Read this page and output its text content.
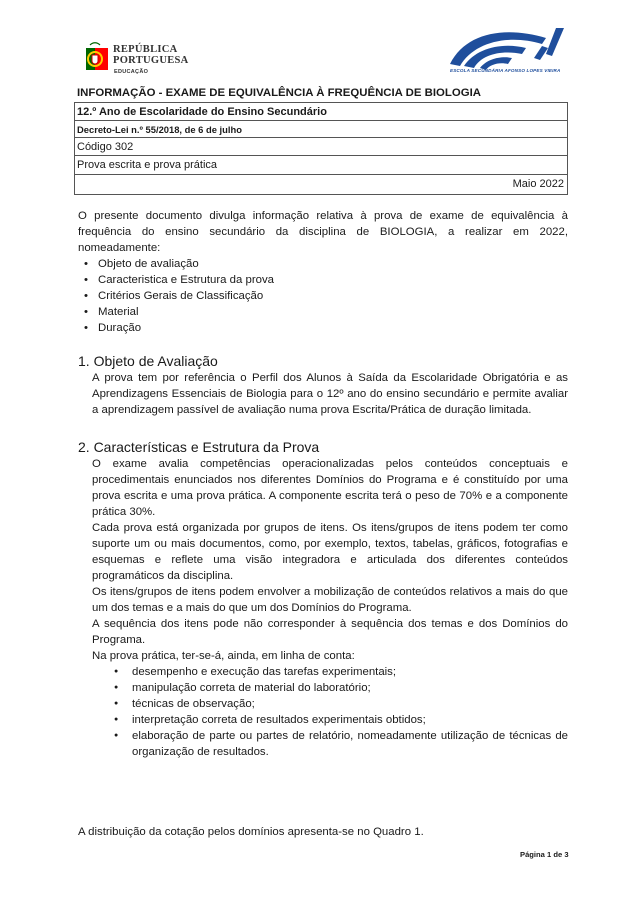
REPÚBLICA
PORTUGUESA
EDUCAÇÃO	ESCOLA SECUNDÁRIA AFONSO LOPES VIEIRA
INFORMAÇÃO - EXAME DE EQUIVALÊNCIA À FREQUÊNCIA DE BIOLOGIA
12.º Ano de Escolaridade do Ensino Secundário
Decreto-Lei n.º 55/2018, de 6 de julho
Código 302
Prova escrita e prova prática
Maio 2022

O presente documento divulga informação relativa à prova de exame de equivalência à frequência do ensino secundário da disciplina de BIOLOGIA, a realizar em 2022, nomeadamente:

• Objeto de avaliação
• Caracteristica e Estrutura da prova
• Critérios Gerais de Classificação
• Material
• Duração
1. Objeto de Avaliação

A prova tem por referência o Perfil dos Alunos à Saída da Escolaridade Obrigatória e as Aprendizagens Essenciais de Biologia para o 12º ano do ensino secundário e permite avaliar a aprendizagem passível de avaliação numa prova Escrita/Prática de duração limitada.

2. Características e Estrutura da Prova

O exame avalia competências operacionalizadas pelos conteúdos conceptuais e procedimentais enunciados nos diferentes Domínios do Programa e é constituído por uma prova escrita e uma prova prática. A componente escrita terá o peso de 70% e a componente prática 30%.

Cada prova está organizada por grupos de itens. Os itens/grupos de itens podem ter como suporte um ou mais documentos, como, por exemplo, textos, tabelas, gráficos, fotografias e esquemas e reflete uma visão integradora e articulada dos diferentes conteúdos programáticos da disciplina.

Os itens/grupos de itens podem envolver a mobilização de conteúdos relativos a mais do que um dos temas e a mais do que um dos Domínios do Programa.

A sequência dos itens pode não corresponder à sequência dos temas e dos Domínios do Programa.

Na prova prática, ter-se-á, ainda, em linha de conta:

● desempenho e execução das tarefas experimentais;
● manipulação correta de material do laboratório;
● técnicas de observação;
● interpretação correta de resultados experimentais obtidos;
● elaboração de parte ou partes de relatório, nomeadamente utilização de técnicas de organização de resultados.
A distribuição da cotação pelos domínios apresenta-se no Quadro 1.
Página 1 de 3
